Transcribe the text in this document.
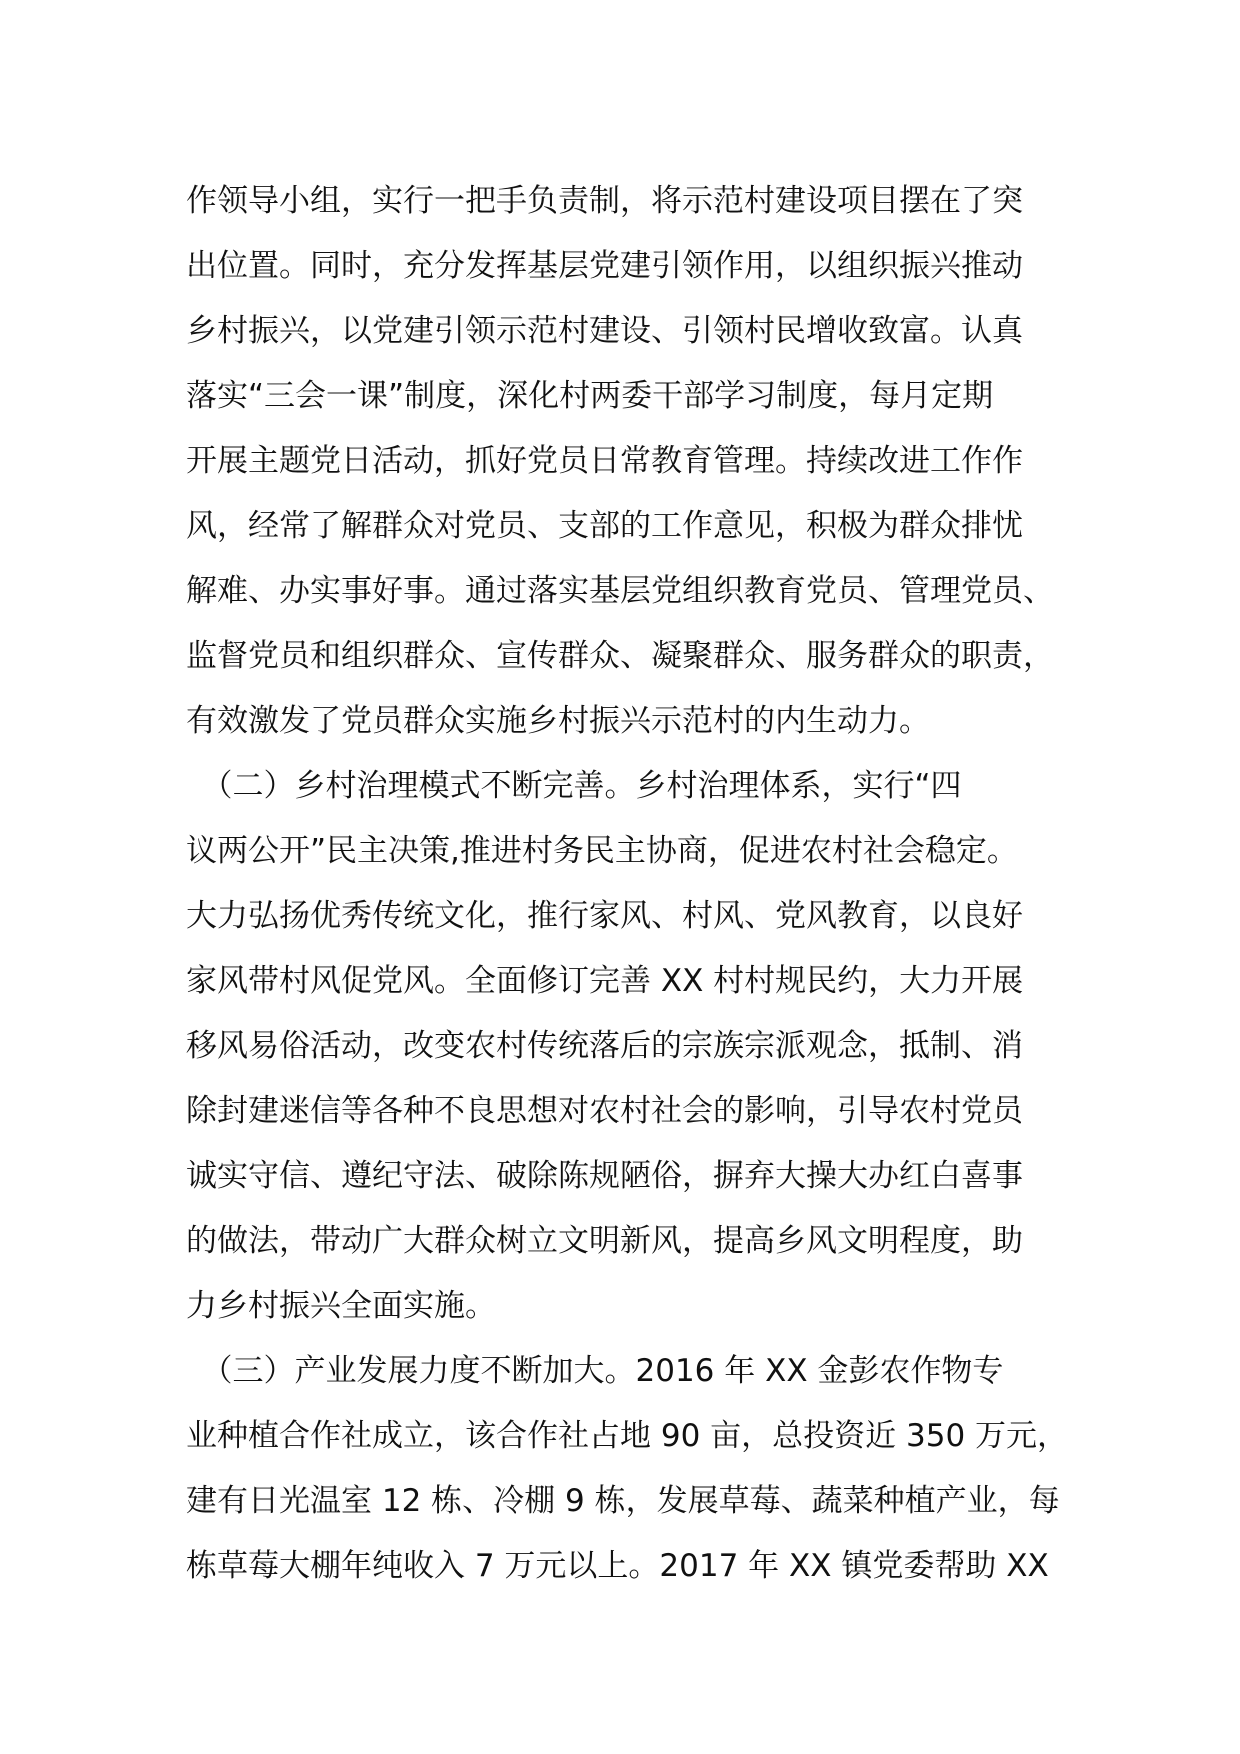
作领导小组，实行一把手负责制，将示范村建设项目摆在了突
出位置。同时，充分发挥基层党建引领作用，以组织振兴推动
乡村振兴，以党建引领示范村建设、引领村民增收致富。认真
落实“三会一课”制度，深化村两委干部学习制度，每月定期
开展主题党日活动，抓好党员日常教育管理。持续改进工作作
风，经常了解群众对党员、支部的工作意见，积极为群众排忧
解难、办实事好事。通过落实基层党组织教育党员、管理党员、
监督党员和组织群众、宣传群众、凝聚群众、服务群众的职责，
有效激发了党员群众实施乡村振兴示范村的内生动力。
　（二）乡村治理模式不断完善。乡村治理体系，实行“四
议两公开”民主决策,推进村务民主协商，促进农村社会稳定。
大力弘扬优秀传统文化，推行家风、村风、党风教育，以良好
家风带村风促党风。全面修订完善 XX 村村规民约，大力开展
移风易俗活动，改变农村传统落后的宗族宗派观念，抵制、消
除封建迷信等各种不良思想对农村社会的影响，引导农村党员
诚实守信、遵纪守法、破除陈规陋俗，摒弃大操大办红白喜事
的做法，带动广大群众树立文明新风，提高乡风文明程度，助
力乡村振兴全面实施。
　（三）产业发展力度不断加大。2016 年 XX 金彭农作物专
业种植合作社成立，该合作社占地 90 亩，总投资近 350 万元，
建有日光温室 12 栋、冷棚 9 栋，发展草莓、蔬菜种植产业，每
栋草莓大棚年纯收入 7 万元以上。2017 年 XX 镇党委帮助 XX
